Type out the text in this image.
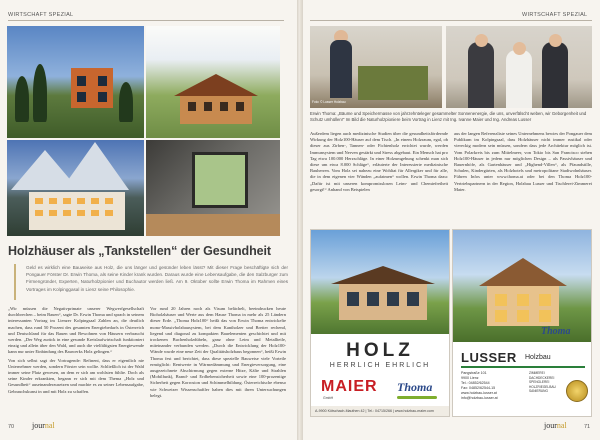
WIRTSCHAFT SPEZIAL
Holzhäuser als „Tankstellen“ der Gesundheit

Geld es wirklich eine Bauweise aus Holz, die uns länger und gesünder leben lässt? Mit dieser Frage beschäftigte sich der Pongauer Förster Dr. Erwin Thoma, als seine Kinder krank wurden. Daraus wurde eine Lebensaufgabe, die den Salzburger zum Firmengründer, Experten, Naturholzpionier und Buchautor werden ließ. Am 9. Oktober sollte Erwin Thoma im Rahmen eines Vortrages im Kolpinggasal in Lienz seine Philosophie.

„Wir müssen die Negativprimate unserer Wegwerfgesellschaft durchbrechen – beim Bauen“, sagte Dr. Erwin Thoma und sprach in seinem interessanten Vortrag im Lienzer Kolpingsaal Zahlen an, die deutlich machen, dass rund 50 Prozent des gesamten Energiebedarfs in Österreich und Deutschland für das Bauen und Bewohnen von Häusern verbraucht werden. „Der Weg zurück in eine gesunde Kreislaufwirtschaft funktioniert einzig und allein über den Wald, und auch die vielfältigsten Energiewende kann nur unter Einbindung des Bauwerks Holz gelingen.“

Von sich selbst sagt der Vortragende: Refinent, dass er eigentlich nie Unternehmer werden, sondern Förster sein wollte. Schließlich ist der Wald immer seine Platz gewesen, an dem er sich am wohlsten fühlte. Doch als seine Kinder erkrankten, begann er sich mit dem Thema „Holz und Gesundheit“ auseinanderzusetzen und machte es zu seiner Lebensaufgabe, Gebrauchskunst in und mit Holz zu schaffen.

Vor rund 20 Jahren noch als Visum belächelt, beeindrucken heute Bioholzhäuser und Werte aus dem Hause Thoma in mehr als 25 Ländern dieser Erde. „Thoma Holz100“ heißt das von Erwin Thoma entwickelte mono-Massivholzbausystem, bei dem Kantholzer und Bretter rechend, liegend und diagonal zu kompakten Bauelementen geschichtet und mit trockenen Buchenholzdübeln, ganz ohne Leim und Metallteile, miteinander verbunden werden. „Durch die Entwicklung der Holz100-Wände wurde eine neue Zeit der Qualitätsholzbaus begonnen“, heißt Erwin Thoma fest und berichtet, dass diese spezielle Bauweise viele Vorteile ermöglicht: Rentwerte in Wärmedämmung und Energieversorgung, eine ausgezeichnete Abschirmung gegen externe Hitze, Kälte und Strahlen (Mobilfunk), Brand- und Erdbebensicherheit sowie eine 100-prozentige Sicherheit gegen Korrosion und Schimmelbildung. Österreichische ebenso wie Schweizer Wissenschaftler haben dies mit ihren Untersuchungen belegt.

70 journal
WIRTSCHAFT SPEZIAL
Foto: © Lusser Holzbau

Erwin Thoma: „Bäume und Speichermasse von jahrzehnteleger gesammelter Sonnenenergie, die uns, unverfälscht weben, wir Geborgenheit und Schutz umhüllen!“ Im Bild die Naturholzpioniere beim Vortrag in Lienz mit Ing. Ivanne Maier und Ing. Andreas Lusser

Außerdem liegen auch medizinische Studien über die gesundheitsfördernde Wirkung der Holz100-Häuser auf dem Tisch. „In einem Holzraum, egal, ob dieser aus Zirben-, Tannen- oder Fichtenholz errichtet wurde, werden Immunsystem und Nerven gestärkt und Stress abgebaut. Ein Mensch hat pro Tag etwa 100.000 Herzschläge. In einer Holzumgebung schenkt man sich diese um etwa 8.000 Schläge“, erläuterte der Interessierte medizinische Bauherren. Vom Holz sei nahezu eine Wohltat für Allergiker und für alle, die in dem eigenen vier Wänden „aufatmen“ wollen. Erwin Thoma dazu: „Dafür ist mit unseren kompromisslosen Leim- und Chemiefreiheit gesorgt!“ Anhand von Beispielen

aus der langen Referenzliste seines Unternehmens bewies der Pongauer dem Publikum im Kolpingsaal, dass Holzhäuser nicht immer rustikal oder viereckig modern sein müssen, sondern dass jede Architektur möglich ist. Vom Polarkreis bis zum Mittelmeer, von Tokio bis San Francisco stehen Holz100-Häuser in jedem nur möglichen Design – als Passivhäuser und Bauernhöfe, als Gartenhäuser und „Highend-Villen“, als Pfaundstille, Schulen, Kindergärten, als Holzhotels und metropolitane Stadtwohnhäuser. Führen Infos unter www.thoma.at oder bei den Thoma Holz100-Vertriebspartnern in der Region, Holzbau Lusser und Tischlerei-Zimmerei Maier.

HOLZ
HERRLICH EHRLICH
MAIER
GmbH
Thoma
A-9900 Kötschach-Mauthen 42 | Tel.: 04715/266 | www.holzbau-maier.com
Thoma
LUSSER Holzbau
Pangstraße 101
9900 Lienz
Tel.: 04852/62544
Fax: 04852/62544-15
www.holzbau-lusser.at
info@holzbau-lusser.at
ZIMMEREI
DACHDECKEREI
SPENGLEREI
HOLZRIEGELBAU
SANIERUNG
journal	71
